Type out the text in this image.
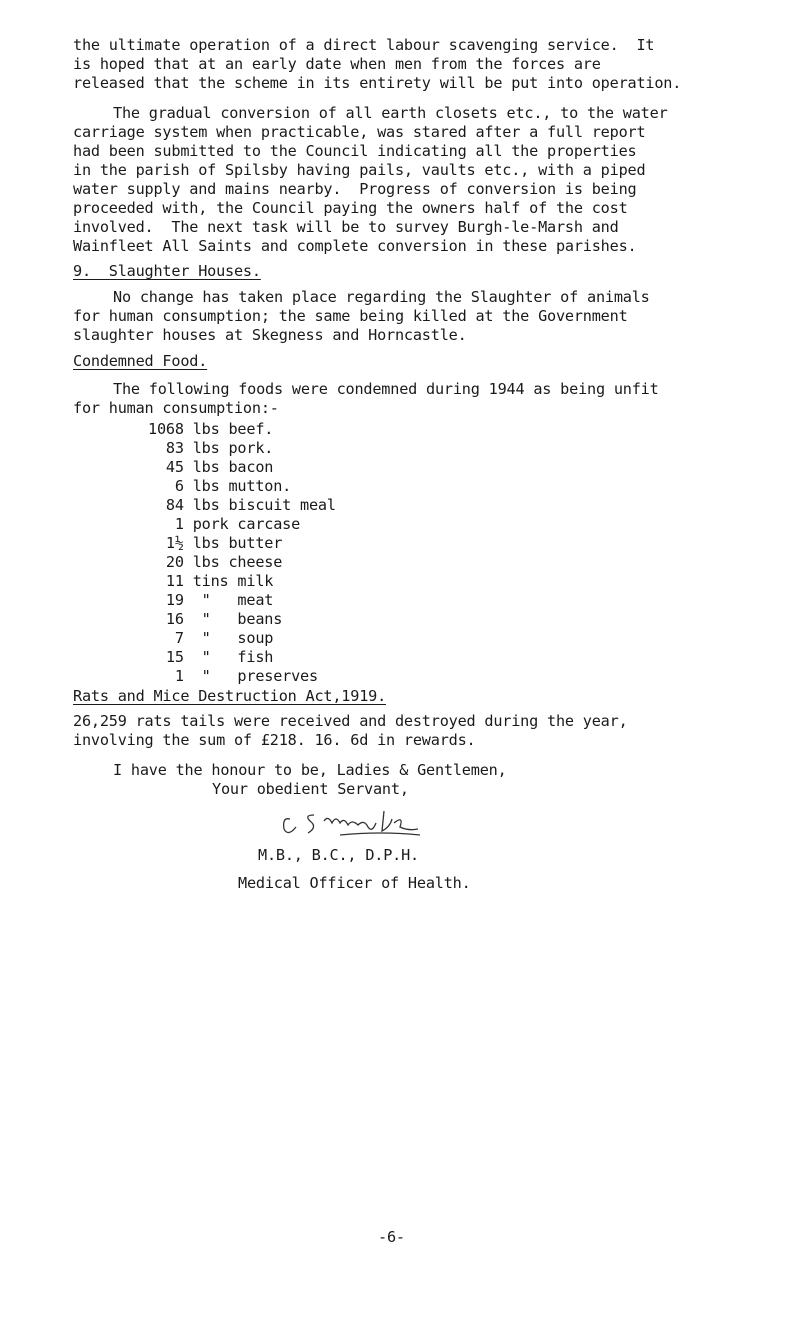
the ultimate operation of a direct labour scavenging service.  It
is hoped that at an early date when men from the forces are
released that the scheme in its entirety will be put into operation.
The gradual conversion of all earth closets etc., to the water
carriage system when practicable, was stared after a full report
had been submitted to the Council indicating all the properties
in the parish of Spilsby having pails, vaults etc., with a piped
water supply and mains nearby.  Progress of conversion is being
proceeded with, the Council paying the owners half of the cost
involved.  The next task will be to survey Burgh-le-Marsh and
Wainfleet All Saints and complete conversion in these parishes.
9.  Slaughter Houses.
No change has taken place regarding the Slaughter of animals
for human consumption; the same being killed at the Government
slaughter houses at Skegness and Horncastle.
Condemned Food.
The following foods were condemned during 1944 as being unfit
for human consumption:-
1068 lbs beef.
83 lbs pork.
45 lbs bacon
6 lbs mutton.
84 lbs biscuit meal
1 pork carcase
1½ lbs butter
20 lbs cheese
11 tins milk
19  "   meat
16  "   beans
7  "   soup
15  "   fish
1  "   preserves
Rats and Mice Destruction Act,1919.
26,259 rats tails were received and destroyed during the year,
involving the sum of £218. 16. 6d in rewards.
I have the honour to be, Ladies & Gentlemen,
Your obedient Servant,
M.B., B.C., D.P.H.
Medical Officer of Health.
-6-
